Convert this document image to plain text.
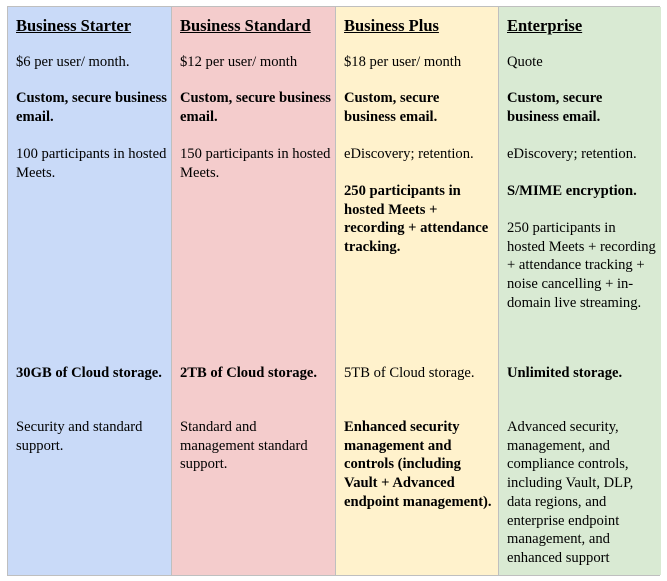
Business Starter

$6 per user/ month.

Custom, secure business email.

100 participants in hosted Meets.

30GB of Cloud storage.

Security and standard support.

Business Standard

$12 per user/ month

Custom, secure business email.

150 participants in hosted Meets.

2TB of Cloud storage.

Standard and management standard support.

Business Plus

$18 per user/ month

Custom, secure business email.

eDiscovery; retention.

250 participants in hosted Meets + recording + attendance tracking.

5TB of Cloud storage.

Enhanced security management and controls (including Vault + Advanced endpoint management).

Enterprise

Quote

Custom, secure business email.

eDiscovery; retention.

S/MIME encryption.

250 participants in hosted Meets + recording + attendance tracking + noise cancelling + in-domain live streaming.

Unlimited storage.

Advanced security, management, and compliance controls, including Vault, DLP, data regions, and enterprise endpoint management, and enhanced support
